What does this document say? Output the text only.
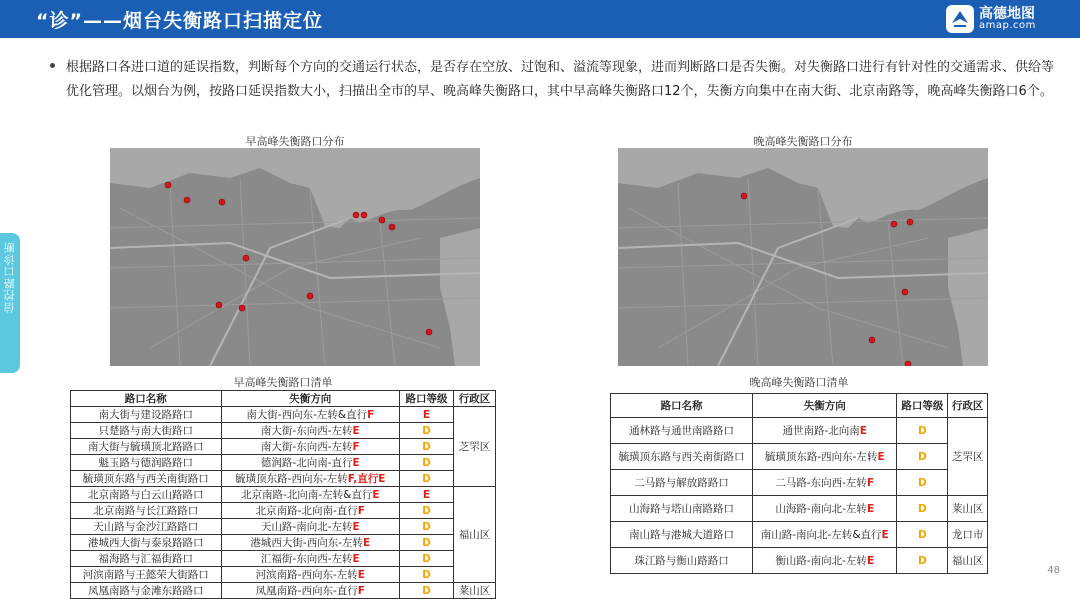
“诊”——烟台失衡路口扫描定位	高德地图
amap.com
信控路口诊断
根据路口各进口道的延误指数，判断每个方向的交通运行状态，是否存在空放、过饱和、溢流等现象，进而判断路口是否失衡。对失衡路口进行有针对性的交通需求、供给等优化管理。以烟台为例，按路口延误指数大小，扫描出全市的早、晚高峰失衡路口，其中早高峰失衡路口12个，失衡方向集中在南大街、北京南路等，晚高峰失衡路口6个。
早高峰失衡路口分布	晚高峰失衡路口分布
早高峰失衡路口清单
路口名称	失衡方向	路口等级	行政区
南大街与建设路路口	南大街-西向东-左转&直行F	E	芝罘区
只楚路与南大街路口	南大街-东向西-左转E	D	
南大街与毓璜顶北路路口	南大街-东向西-左转F	D	
魁玉路与德润路路口	德润路-北向南-直行E	D	
毓璜顶东路与西关南街路口	毓璜顶东路-西向东-左转F,直行E	D	
北京南路与白云山路路口	北京南路-北向南-左转&直行E	E	福山区
北京南路与长江路路口	北京南路-北向南-直行F	D	
天山路与金沙江路路口	天山路-南向北-左转E	D	
港城西大街与泰泉路路口	港城西大街-西向东-左转E	D	
福海路与汇福街路口	汇福街-东向西-左转E	D	
河滨南路与王懿荣大街路口	河滨南路-西向东-左转E	D	
凤凰南路与金滩东路路口	凤凰南路-西向东-直行F	D	莱山区
晚高峰失衡路口清单
路口名称	失衡方向	路口等级	行政区
通林路与通世南路路口	通世南路-北向南E	D	芝罘区
毓璜顶东路与西关南街路口	毓璜顶东路-西向东-左转E	D	
二马路与解放路路口	二马路-东向西-左转F	D	
山海路与塔山南路路口	山海路-南向北-左转E	D	莱山区
南山路与港城大道路口	南山路-南向北-左转&直行E	D	龙口市
珠江路与衡山路路口	衡山路-南向北-左转E	D	福山区
48
